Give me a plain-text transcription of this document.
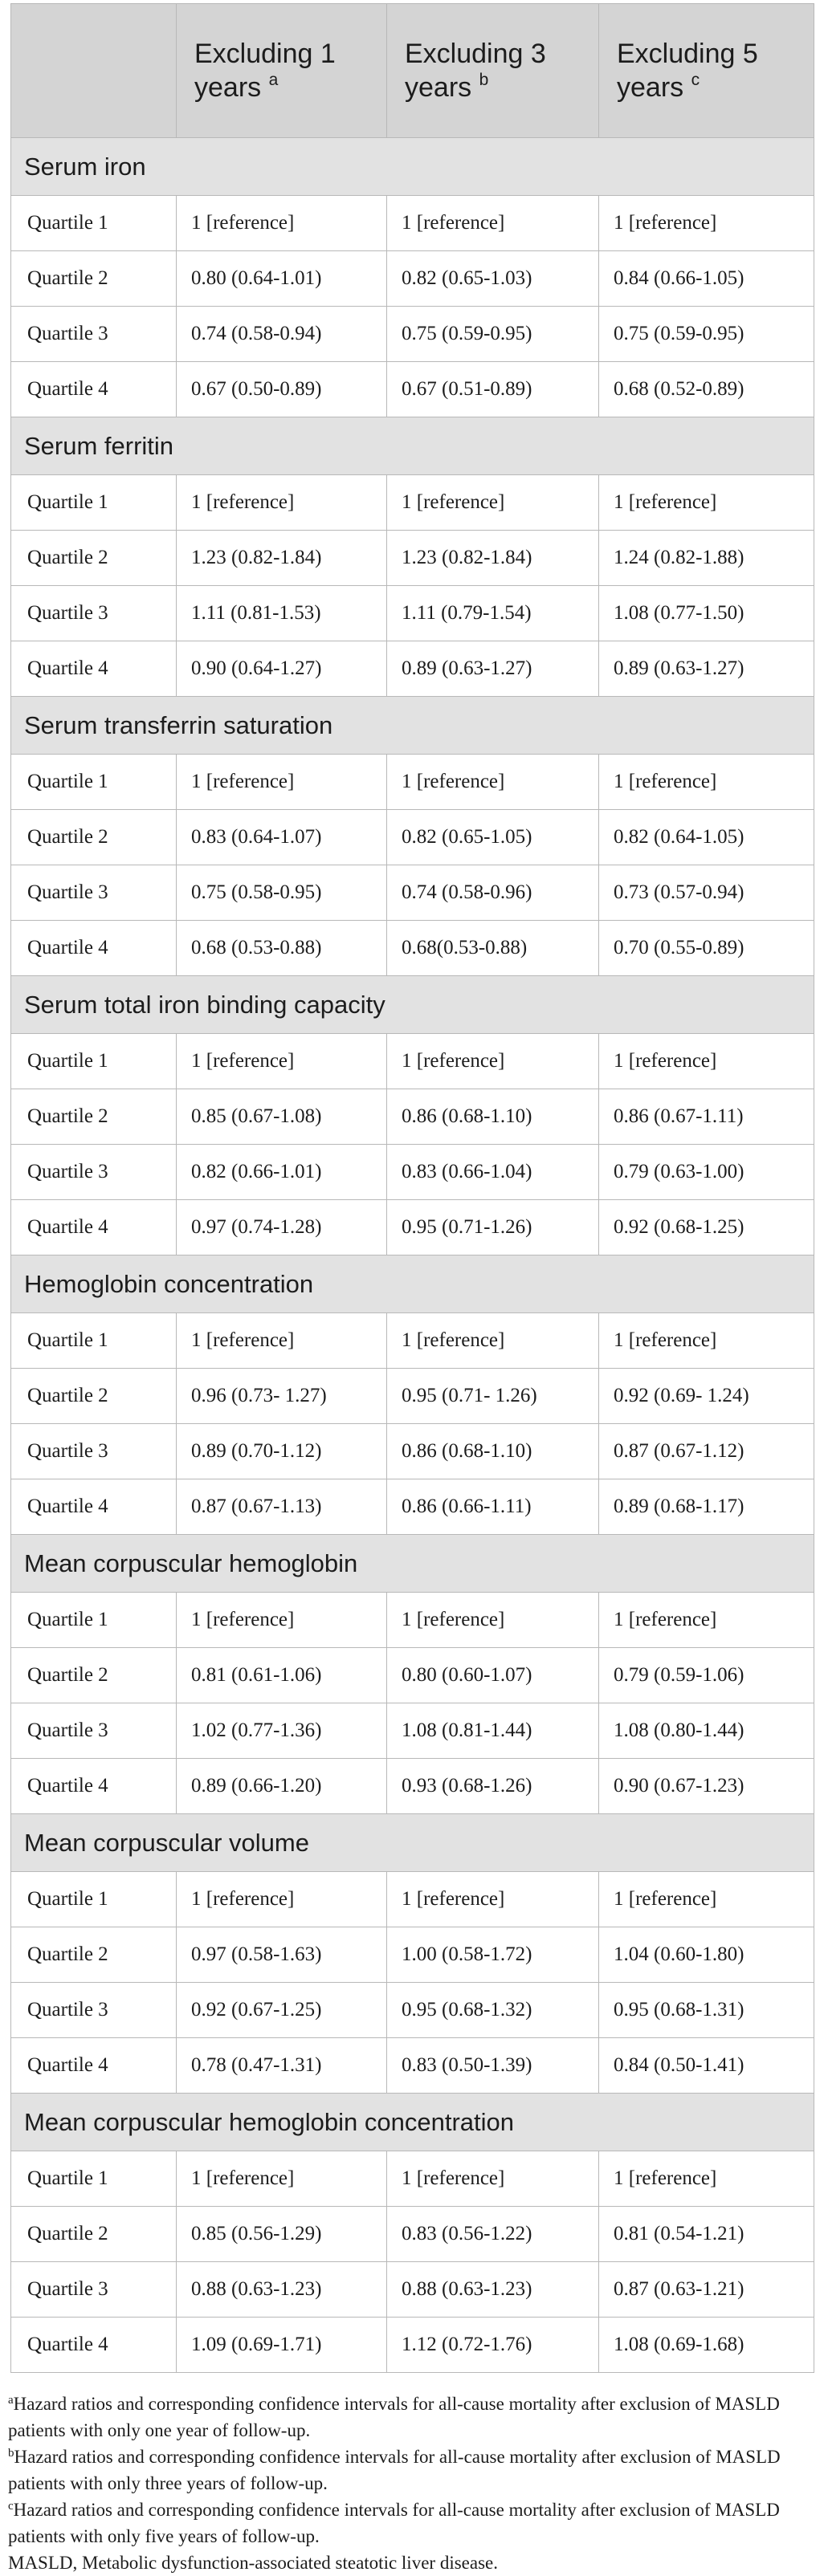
	Excluding 1 years $^a$	Excluding 3 years $^b$	Excluding 5 years $^c$
Serum iron			
Quartile 1	1 [reference]	1 [reference]	1 [reference]
Quartile 2	0.80 (0.64-1.01)	0.82 (0.65-1.03)	0.84 (0.66-1.05)
Quartile 3	0.74 (0.58-0.94)	0.75 (0.59-0.95)	0.75 (0.59-0.95)
Quartile 4	0.67 (0.50-0.89)	0.67 (0.51-0.89)	0.68 (0.52-0.89)
Serum ferritin			
Quartile 1	1 [reference]	1 [reference]	1 [reference]
Quartile 2	1.23 (0.82-1.84)	1.23 (0.82-1.84)	1.24 (0.82-1.88)
Quartile 3	1.11 (0.81-1.53)	1.11 (0.79-1.54)	1.08 (0.77-1.50)
Quartile 4	0.90 (0.64-1.27)	0.89 (0.63-1.27)	0.89 (0.63-1.27)
Serum transferrin saturation			
Quartile 1	1 [reference]	1 [reference]	1 [reference]
Quartile 2	0.83 (0.64-1.07)	0.82 (0.65-1.05)	0.82 (0.64-1.05)
Quartile 3	0.75 (0.58-0.95)	0.74 (0.58-0.96)	0.73 (0.57-0.94)
Quartile 4	0.68 (0.53-0.88)	0.68(0.53-0.88)	0.70 (0.55-0.89)
Serum total iron binding capacity			
Quartile 1	1 [reference]	1 [reference]	1 [reference]
Quartile 2	0.85 (0.67-1.08)	0.86 (0.68-1.10)	0.86 (0.67-1.11)
Quartile 3	0.82 (0.66-1.01)	0.83 (0.66-1.04)	0.79 (0.63-1.00)
Quartile 4	0.97 (0.74-1.28)	0.95 (0.71-1.26)	0.92 (0.68-1.25)
Hemoglobin concentration			
Quartile 1	1 [reference]	1 [reference]	1 [reference]
Quartile 2	0.96 (0.73- 1.27)	0.95 (0.71- 1.26)	0.92 (0.69- 1.24)
Quartile 3	0.89 (0.70-1.12)	0.86 (0.68-1.10)	0.87 (0.67-1.12)
Quartile 4	0.87 (0.67-1.13)	0.86 (0.66-1.11)	0.89 (0.68-1.17)
Mean corpuscular hemoglobin			
Quartile 1	1 [reference]	1 [reference]	1 [reference]
Quartile 2	0.81 (0.61-1.06)	0.80 (0.60-1.07)	0.79 (0.59-1.06)
Quartile 3	1.02 (0.77-1.36)	1.08 (0.81-1.44)	1.08 (0.80-1.44)
Quartile 4	0.89 (0.66-1.20)	0.93 (0.68-1.26)	0.90 (0.67-1.23)
Mean corpuscular volume			
Quartile 1	1 [reference]	1 [reference]	1 [reference]
Quartile 2	0.97 (0.58-1.63)	1.00 (0.58-1.72)	1.04 (0.60-1.80)
Quartile 3	0.92 (0.67-1.25)	0.95 (0.68-1.32)	0.95 (0.68-1.31)
Quartile 4	0.78 (0.47-1.31)	0.83 (0.50-1.39)	0.84 (0.50-1.41)
Mean corpuscular hemoglobin concentration			
Quartile 1	1 [reference]	1 [reference]	1 [reference]
Quartile 2	0.85 (0.56-1.29)	0.83 (0.56-1.22)	0.81 (0.54-1.21)
Quartile 3	0.88 (0.63-1.23)	0.88 (0.63-1.23)	0.87 (0.63-1.21)
Quartile 4	1.09 (0.69-1.71)	1.12 (0.72-1.76)	1.08 (0.69-1.68)

$^a$Hazard ratios and corresponding confidence intervals for all-cause mortality after exclusion of MASLD patients with only one year of follow-up.

$^b$Hazard ratios and corresponding confidence intervals for all-cause mortality after exclusion of MASLD patients with only three years of follow-up.

$^c$Hazard ratios and corresponding confidence intervals for all-cause mortality after exclusion of MASLD patients with only five years of follow-up.

MASLD, Metabolic dysfunction-associated steatotic liver disease.
